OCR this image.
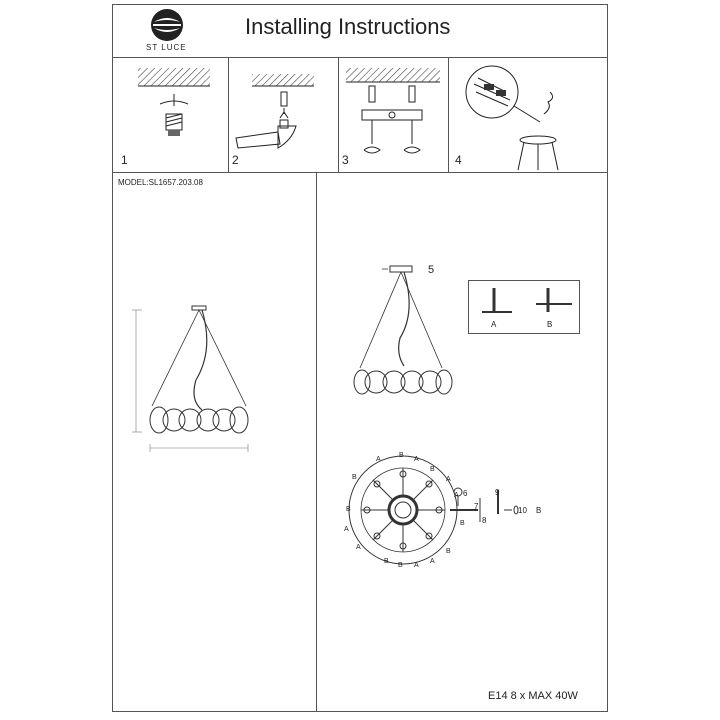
ST LUCE
Installing Instructions
1	2	3	4
MODEL:SL1657.203.08
5
A	B
B
A
B
A
A
B
B
A
A
B
B
A
A
B
B
A
6
7
8
9
10 B
E14 8 x MAX 40W
